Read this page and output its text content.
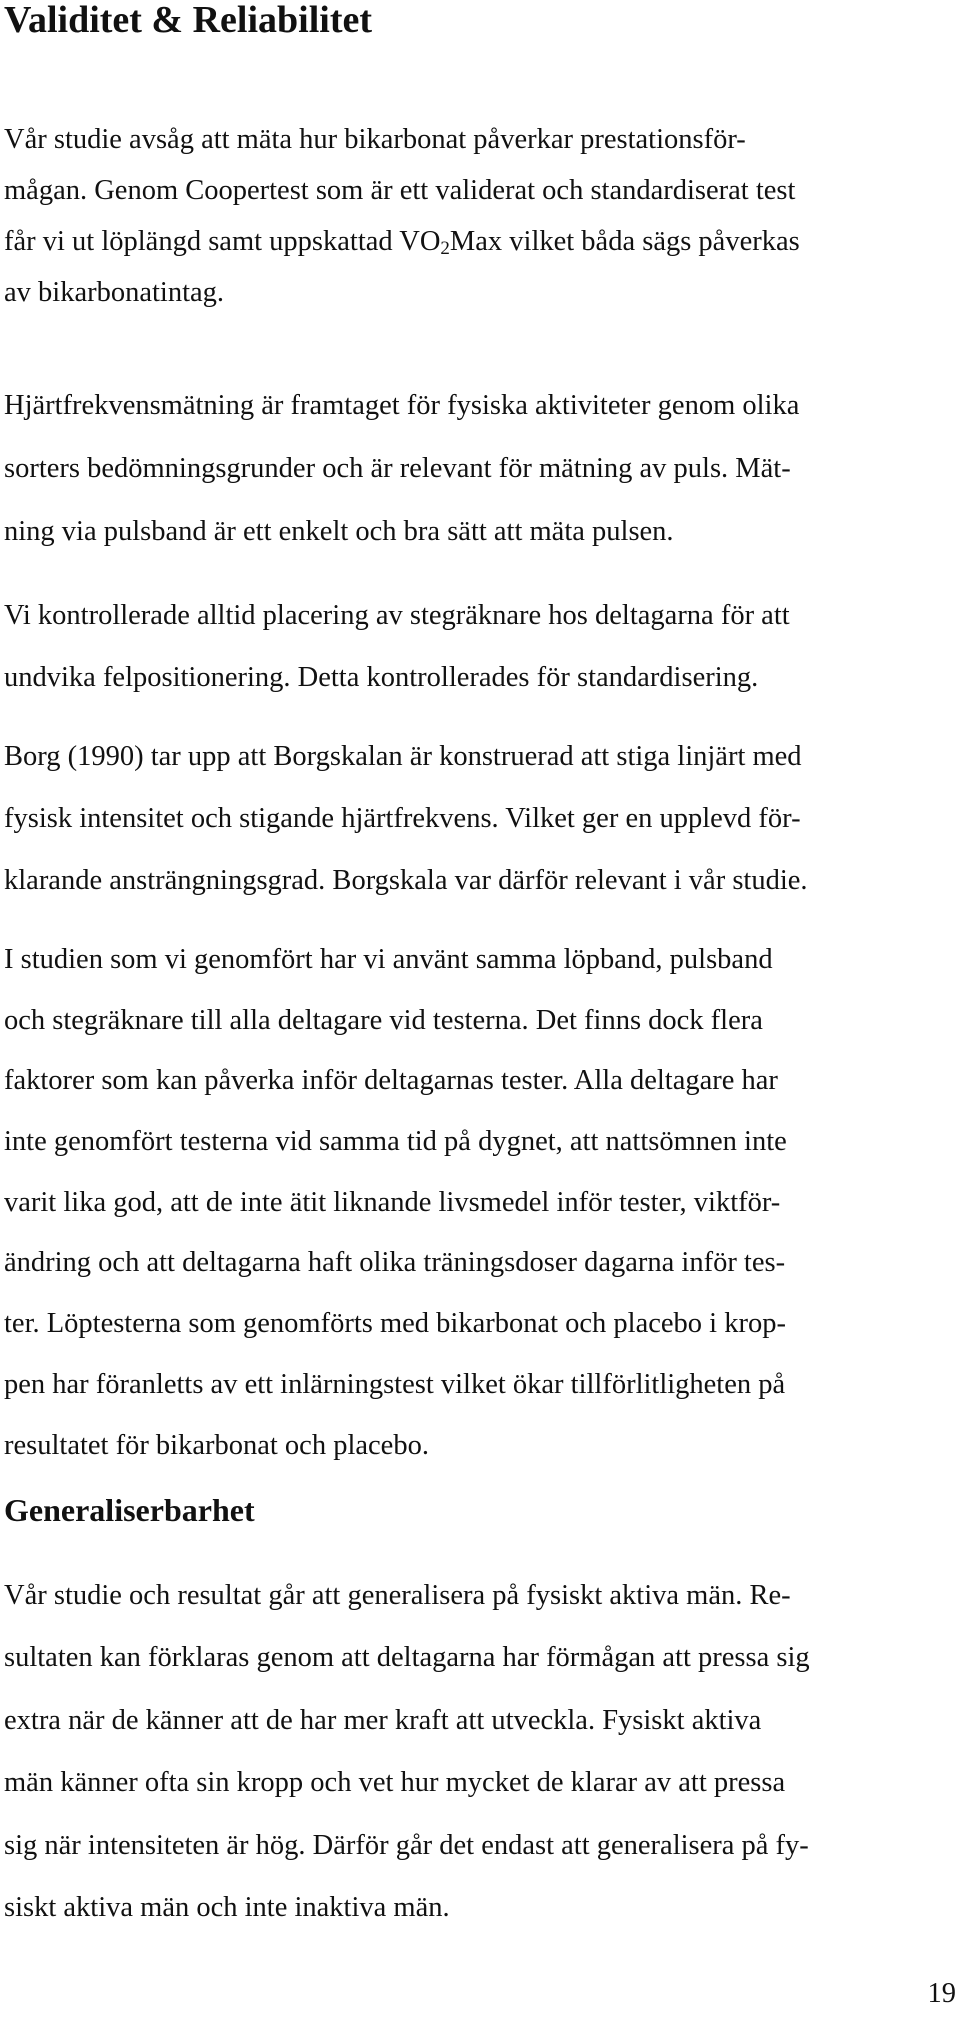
Validitet & Reliabilitet

Vår studie avsåg att mäta hur bikarbonat påverkar prestationsför-
mågan. Genom Coopertest som är ett validerat och standardiserat test
får vi ut löplängd samt uppskattad $VO_2Max$ vilket båda sägs påverkas
av bikarbonatintag.

Hjärtfrekvensmätning är framtaget för fysiska aktiviteter genom olika
sorters bedömningsgrunder och är relevant för mätning av puls. Mät-
ning via pulsband är ett enkelt och bra sätt att mäta pulsen.

Vi kontrollerade alltid placering av stegräknare hos deltagarna för att
undvika felpositionering. Detta kontrollerades för standardisering.

Borg (1990) tar upp att Borgskalan är konstruerad att stiga linjärt med
fysisk intensitet och stigande hjärtfrekvens. Vilket ger en upplevd för-
klarande ansträngningsgrad. Borgskala var därför relevant i vår studie.

I studien som vi genomfört har vi använt samma löpband, pulsband
och stegräknare till alla deltagare vid testerna. Det finns dock flera
faktorer som kan påverka inför deltagarnas tester. Alla deltagare har
inte genomfört testerna vid samma tid på dygnet, att nattsömnen inte
varit lika god, att de inte ätit liknande livsmedel inför tester, viktför-
ändring och att deltagarna haft olika träningsdoser dagarna inför tes-
ter. Löptesterna som genomförts med bikarbonat och placebo i krop-
pen har föranletts av ett inlärningstest vilket ökar tillförlitligheten på
resultatet för bikarbonat och placebo.

Generaliserbarhet

Vår studie och resultat går att generalisera på fysiskt aktiva män. Re-
sultaten kan förklaras genom att deltagarna har förmågan att pressa sig
extra när de känner att de har mer kraft att utveckla. Fysiskt aktiva
män känner ofta sin kropp och vet hur mycket de klarar av att pressa
sig när intensiteten är hög. Därför går det endast att generalisera på fy-
siskt aktiva män och inte inaktiva män.

19
